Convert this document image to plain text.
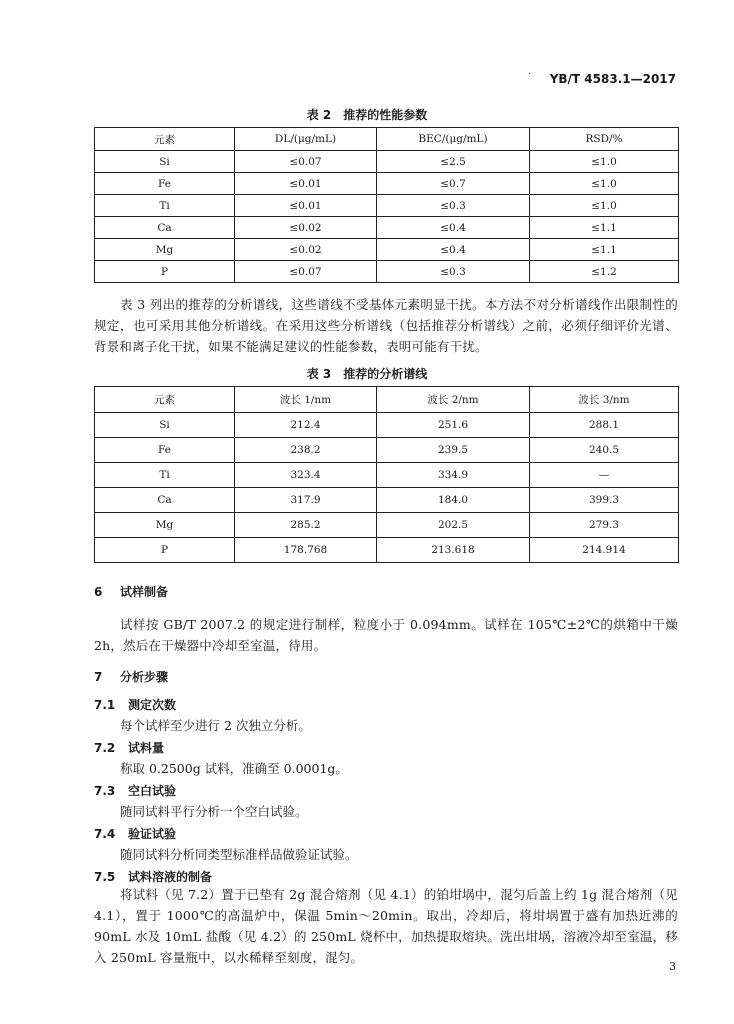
.
YB/T 4583.1—2017
表 2　推荐的性能参数
元素	DL/(μg/mL)	BEC/(μg/mL)	RSD/%
Si	≤0.07	≤2.5	≤1.0
Fe	≤0.01	≤0.7	≤1.0
Ti	≤0.01	≤0.3	≤1.0
Ca	≤0.02	≤0.4	≤1.1
Mg	≤0.02	≤0.4	≤1.1
P	≤0.07	≤0.3	≤1.2
表 3 列出的推荐的分析谱线，这些谱线不受基体元素明显干扰。本方法不对分析谱线作出限制性的规定，也可采用其他分析谱线。在采用这些分析谱线（包括推荐分析谱线）之前，必须仔细评价光谱、背景和离子化干扰，如果不能满足建议的性能参数，表明可能有干扰。
表 3　推荐的分析谱线
元素	波长 1/nm	波长 2/nm	波长 3/nm
Si	212.4	251.6	288.1
Fe	238.2	239.5	240.5
Ti	323.4	334.9	—
Ca	317.9	184.0	399.3
Mg	285.2	202.5	279.3
P	178.768	213.618	214.914
6 试样制备
试样按 GB/T 2007.2 的规定进行制样，粒度小于 0.094mm。试样在 105℃±2℃的烘箱中干燥 2h，然后在干燥器中冷却至室温，待用。
7 分析步骤
7.1 测定次数
每个试样至少进行 2 次独立分析。
7.2 试料量
称取 0.2500g 试料，准确至 0.0001g。
7.3 空白试验
随同试料平行分析一个空白试验。
7.4 验证试验
随同试料分析同类型标准样品做验证试验。
7.5 试料溶液的制备
将试料（见 7.2）置于已垫有 2g 混合熔剂（见 4.1）的铂坩埚中，混匀后盖上约 1g 混合熔剂（见 4.1），置于 1000℃的高温炉中，保温 5min～20min。取出，冷却后，将坩埚置于盛有加热近沸的 90mL 水及 10mL 盐酸（见 4.2）的 250mL 烧杯中，加热提取熔块。洗出坩埚，溶液冷却至室温，移入 250mL 容量瓶中，以水稀释至刻度，混匀。
3
